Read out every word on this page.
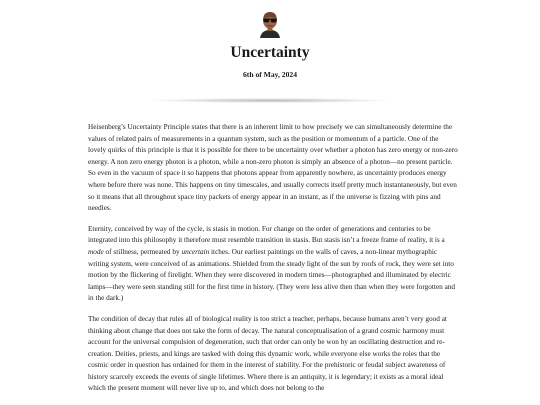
Uncertainty
6th of May, 2024

Heisenberg’s Uncertainty Principle states that there is an inherent limit to how precisely we can simultaneously determine the values of related pairs of measurements in a quantum system, such as the position or momentum of a particle. One of the lovely quirks of this principle is that it is possible for there to be uncertainty over whether a photon has zero energy or non-zero energy. A non zero energy photon is a photon, while a non-zero photon is simply an absence of a photon—no present particle. So even in the vacuum of space it so happens that photons appear from apparently nowhere, as uncertainty produces energy where before there was none. This happens on tiny timescales, and usually corrects itself pretty much instantaneously, but even so it means that all throughout space tiny packets of energy appear in an instant, as if the universe is fizzing with pins and needles.

Eternity, conceived by way of the cycle, is stasis in motion. For change on the order of generations and centuries to be integrated into this philosophy it therefore must resemble transition in stasis. But stasis isn’t a freeze frame of reality, it is a mode of stillness, permeated by uncertain itches. Our earliest paintings on the walls of caves, a non-linear mythographic writing system, were conceived of as animations. Shielded from the steady light of the sun by roofs of rock, they were set into motion by the flickering of firelight. When they were discovered in modern times—photographed and illuminated by electric lamps—they were seen standing still for the first time in history. (They were less alive then than when they were forgotten and in the dark.)

The condition of decay that rules all of biological reality is too strict a teacher, perhaps, because humans aren’t very good at thinking about change that does not take the form of decay. The natural conceptualisation of a grand cosmic harmony must account for the universal compulsion of degeneration, such that order can only be won by an oscillating destruction and re-creation. Deities, priests, and kings are tasked with doing this dynamic work, while everyone else works the roles that the cosmic order in question has ordained for them in the interest of stability. For the prehistoric or feudal subject awareness of history scarcely exceeds the events of single lifetimes. Where there is an antiquity, it is legendary; it exists as a moral ideal which the present moment will never live up to, and which does not belong to the
